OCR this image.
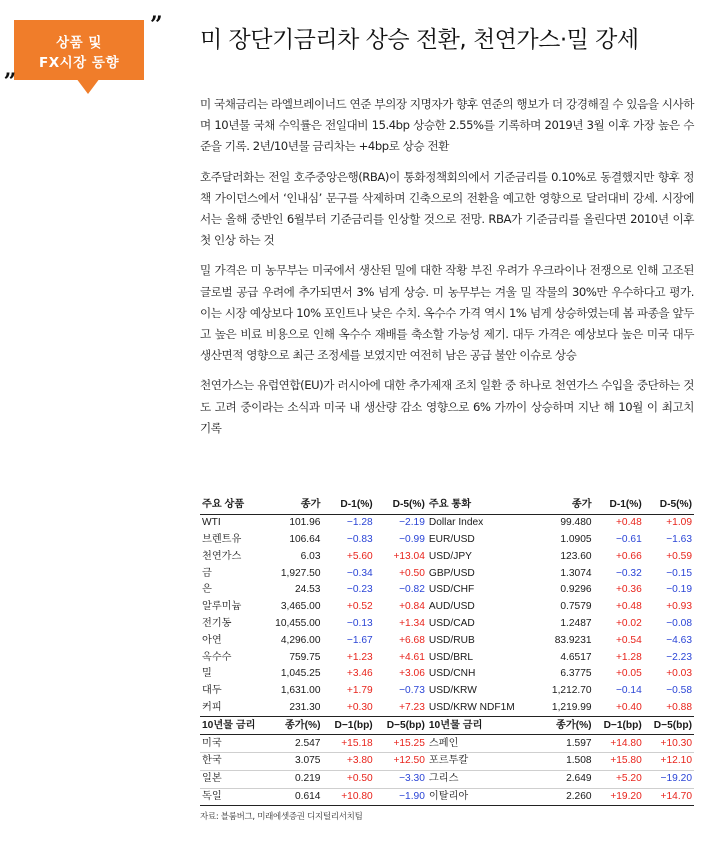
상품 및
FX시장 동향
„
”
미 장단기금리차 상승 전환, 천연가스·밀 강세

미 국채금리는 라엘브레이너드 연준 부의장 지명자가 향후 연준의 행보가 더 강경해질 수 있음을 시사하며 10년물 국채 수익률은 전일대비 15.4bp 상승한 2.55%를 기록하며 2019년 3월 이후 가장 높은 수준을 기록. 2년/10년물 금리차는 +4bp로 상승 전환

호주달러화는 전일 호주중앙은행(RBA)이 통화정책회의에서 기준금리를 0.10%로 동결했지만 향후 정책 가이던스에서 ‘인내심’ 문구를 삭제하며 긴축으로의 전환을 예고한 영향으로 달러대비 강세. 시장에서는 올해 중반인 6월부터 기준금리를 인상할 것으로 전망. RBA가 기준금리를 올린다면 2010년 이후 첫 인상 하는 것

밀 가격은 미 농무부는 미국에서 생산된 밀에 대한 작황 부진 우려가 우크라이나 전쟁으로 인해 고조된 글로벌 공급 우려에 추가되면서 3% 넘게 상승. 미 농무부는 겨울 밀 작물의 30%만 우수하다고 평가. 이는 시장 예상보다 10% 포인트나 낮은 수치. 옥수수 가격 역시 1% 넘게 상승하였는데 봄 파종을 앞두고 높은 비료 비용으로 인해 옥수수 재배를 축소할 가능성 제기. 대두 가격은 예상보다 높은 미국 대두 생산면적 영향으로 최근 조정세를 보였지만 여전히 남은 공급 불안 이슈로 상승

천연가스는 유럽연합(EU)가 러시아에 대한 추가제재 조치 일환 중 하나로 천연가스 수입을 중단하는 것도 고려 중이라는 소식과 미국 내 생산량 감소 영향으로 6% 가까이 상승하며 지난 해 10월 이 최고치 기록

주요 상품	종가	D-1(%)	D-5(%)	주요 통화	종가	D-1(%)	D-5(%)
WTI	101.96	−1.28	−2.19	Dollar Index	99.480	+0.48	+1.09
브렌트유	106.64	−0.83	−0.99	EUR/USD	1.0905	−0.61	−1.63
천연가스	6.03	+5.60	+13.04	USD/JPY	123.60	+0.66	+0.59
금	1,927.50	−0.34	+0.50	GBP/USD	1.3074	−0.32	−0.15
은	24.53	−0.23	−0.82	USD/CHF	0.9296	+0.36	−0.19
알루미늄	3,465.00	+0.52	+0.84	AUD/USD	0.7579	+0.48	+0.93
전기동	10,455.00	−0.13	+1.34	USD/CAD	1.2487	+0.02	−0.08
아연	4,296.00	−1.67	+6.68	USD/RUB	83.9231	+0.54	−4.63
옥수수	759.75	+1.23	+4.61	USD/BRL	4.6517	+1.28	−2.23
밀	1,045.25	+3.46	+3.06	USD/CNH	6.3775	+0.05	+0.03
대두	1,631.00	+1.79	−0.73	USD/KRW	1,212.70	−0.14	−0.58
커피	231.30	+0.30	+7.23	USD/KRW NDF1M	1,219.99	+0.40	+0.88
10년물 금리	종가(%)	D−1(bp)	D−5(bp)	10년물 금리	종가(%)	D−1(bp)	D−5(bp)
미국	2.547	+15.18	+15.25	스페인	1.597	+14.80	+10.30
한국	3.075	+3.80	+12.50	포르투칼	1.508	+15.80	+12.10
일본	0.219	+0.50	−3.30	그리스	2.649	+5.20	−19.20
독일	0.614	+10.80	−1.90	이탈리아	2.260	+19.20	+14.70
자료: 블룸버그, 미래에셋증권 디지털리서치팀
